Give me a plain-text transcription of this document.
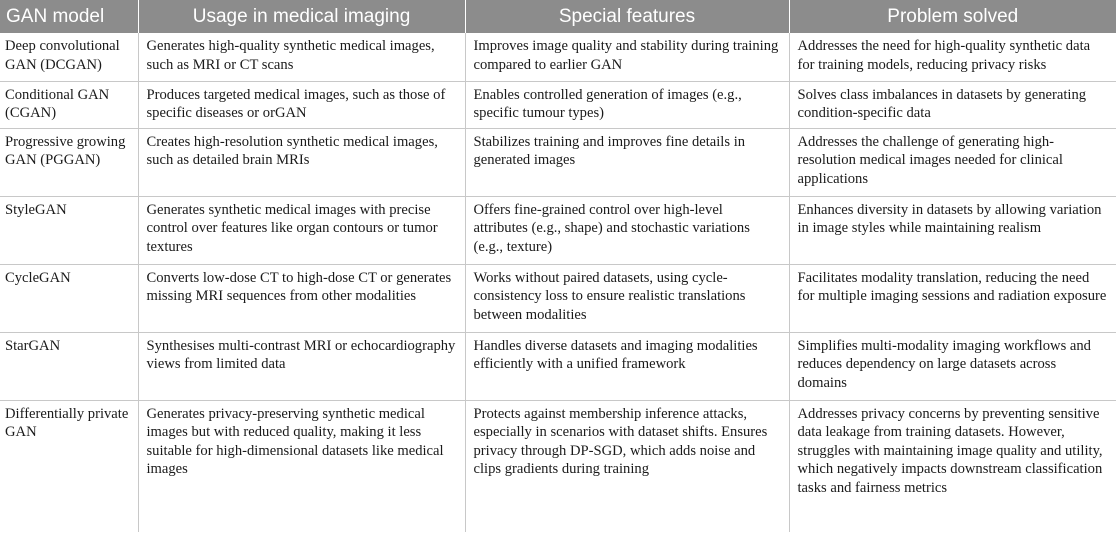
GAN model	Usage in medical imaging	Special features	Problem solved
Deep convolutional GAN (DCGAN)	Generates high-quality synthetic medical images, such as MRI or CT scans	Improves image quality and stability during training compared to earlier GAN	Addresses the need for high-quality synthetic data for training models, reducing privacy risks
Conditional GAN (CGAN)	Produces targeted medical images, such as those of specific diseases or orGAN	Enables controlled generation of images (e.g., specific tumour types)	Solves class imbalances in datasets by generating condition-specific data
Progressive growing GAN (PGGAN)	Creates high-resolution synthetic medical images, such as detailed brain MRIs	Stabilizes training and improves fine details in generated images	Addresses the challenge of generating high-resolution medical images needed for clinical applications
StyleGAN	Generates synthetic medical images with precise control over features like organ contours or tumor textures	Offers fine-grained control over high-level attributes (e.g., shape) and stochastic variations (e.g., texture)	Enhances diversity in datasets by allowing variation in image styles while maintaining realism
CycleGAN	Converts low-dose CT to high-dose CT or generates missing MRI sequences from other modalities	Works without paired datasets, using cycle-consistency loss to ensure realistic translations between modalities	Facilitates modality translation, reducing the need for multiple imaging sessions and radiation exposure
StarGAN	Synthesises multi-contrast MRI or echocardiography views from limited data	Handles diverse datasets and imaging modalities efficiently with a unified framework	Simplifies multi-modality imaging workflows and reduces dependency on large datasets across domains
Differentially private GAN	Generates privacy-preserving synthetic medical images but with reduced quality, making it less suitable for high-dimensional datasets like medical images	Protects against membership inference attacks, especially in scenarios with dataset shifts. Ensures privacy through DP-SGD, which adds noise and clips gradients during training	Addresses privacy concerns by preventing sensitive data leakage from training datasets. However, struggles with maintaining image quality and utility, which negatively impacts downstream classification tasks and fairness metrics
